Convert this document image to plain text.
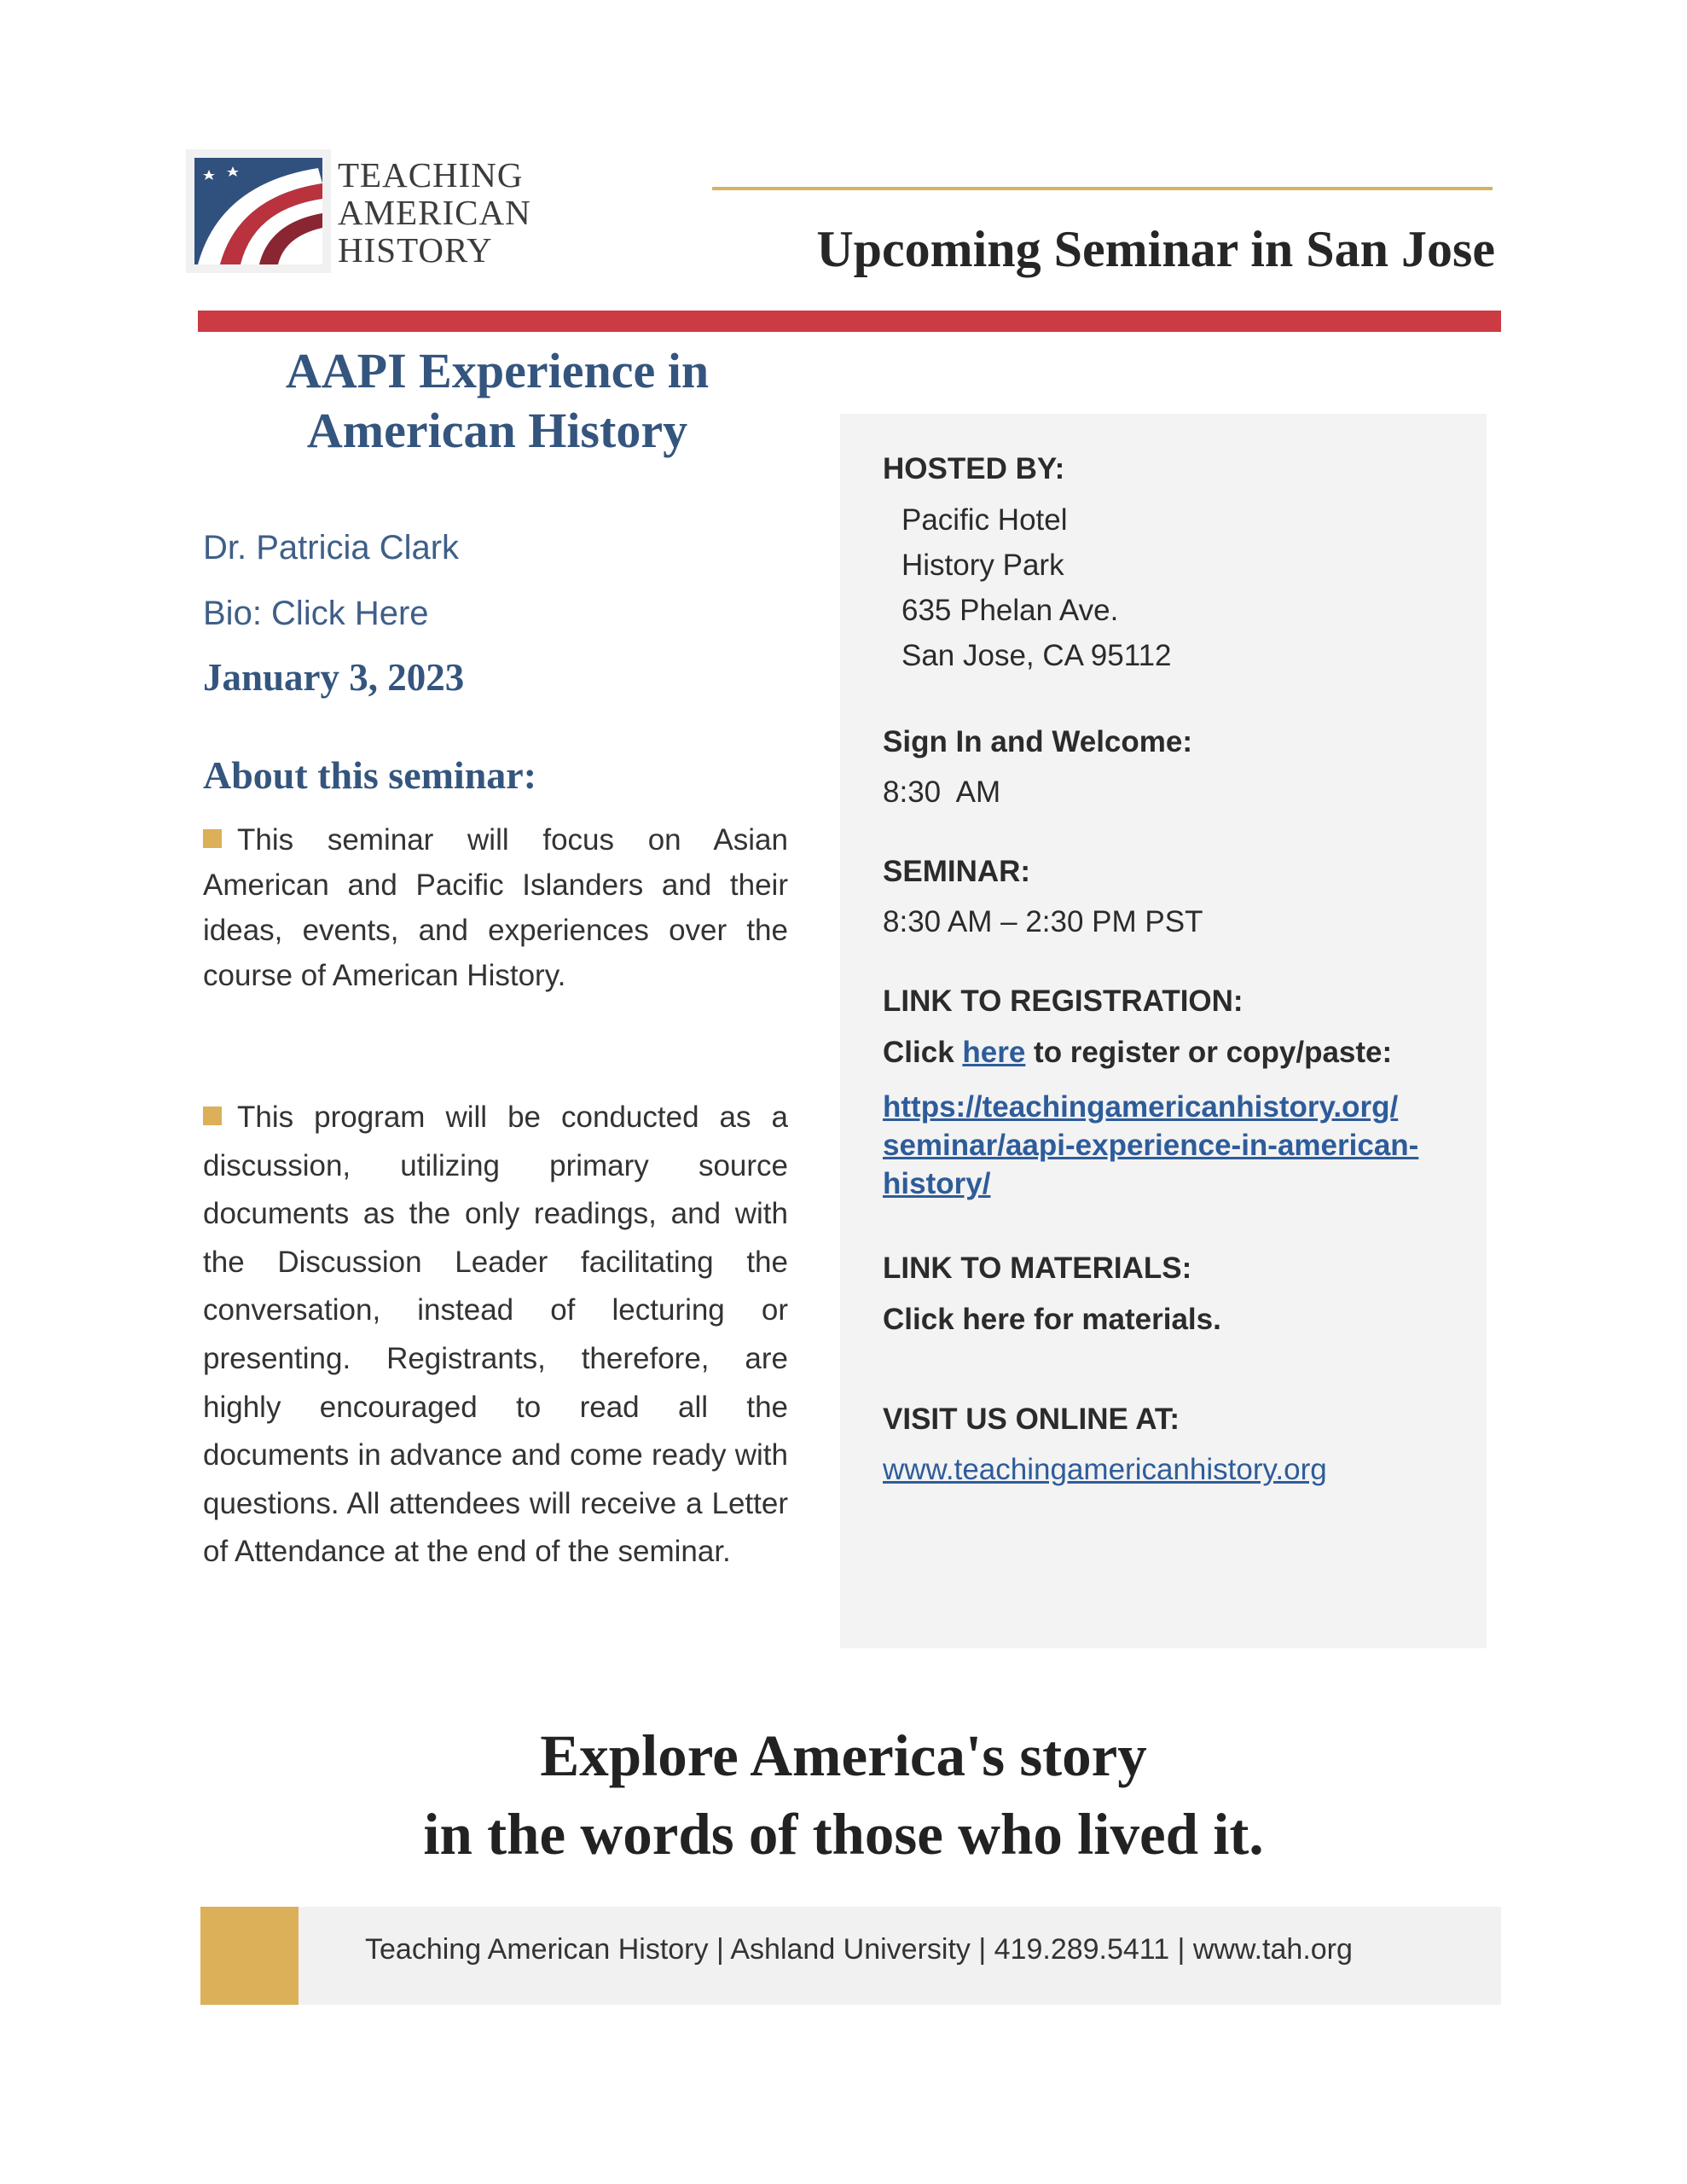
TEACHING
AMERICAN
HISTORY	Upcoming Seminar in San Jose
AAPI Experience in
American History
Dr. Patricia Clark
Bio: Click Here
January 3, 2023
About this seminar:
This seminar will focus on Asian American and Pacific Islanders and their ideas, events, and experiences over the course of American History.
This program will be conducted as a discussion, utilizing primary source documents as the only readings, and with the Discussion Leader facilitating the conversation, instead of lecturing or presenting. Registrants, therefore, are highly encouraged to read all the documents in advance and come ready with questions. All attendees will receive a Letter of Attendance at the end of the seminar.
HOSTED BY:
Pacific Hotel
History Park
635 Phelan Ave.
San Jose, CA 95112
Sign In and Welcome:
8:30  AM
SEMINAR:
8:30 AM – 2:30 PM PST
LINK TO REGISTRATION:
Click here to register or copy/paste:
https://teachingamericanhistory.org/
seminar/aapi-experience-in-american-
history/
LINK TO MATERIALS:
Click here for materials.
VISIT US ONLINE AT:
www.teachingamericanhistory.org
Explore America's story
in the words of those who lived it.
Teaching American History | Ashland University | 419.289.5411 | www.tah.org
